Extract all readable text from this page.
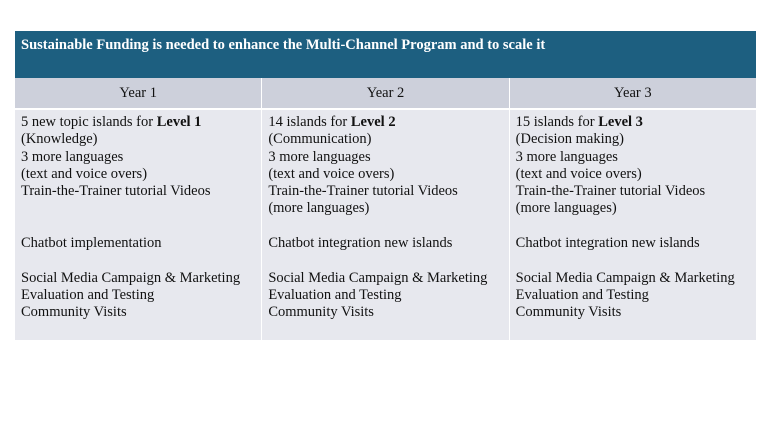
Sustainable Funding is needed to enhance the Multi-Channel Program and to scale it
Year 1	Year 2	Year 3
5 new topic islands for Level 1
(Knowledge)
3 more languages
(text and voice overs)
Train-the-Trainer tutorial Videos
Chatbot implementation
Social Media Campaign & Marketing
Evaluation and Testing
Community Visits
14 islands for Level 2
(Communication)
3 more languages
(text and voice overs)
Train-the-Trainer tutorial Videos
(more languages)
Chatbot integration new islands
Social Media Campaign & Marketing
Evaluation and Testing
Community Visits
15 islands for Level 3
(Decision making)
3 more languages
(text and voice overs)
Train-the-Trainer tutorial Videos
(more languages)
Chatbot integration new islands
Social Media Campaign & Marketing
Evaluation and Testing
Community Visits
